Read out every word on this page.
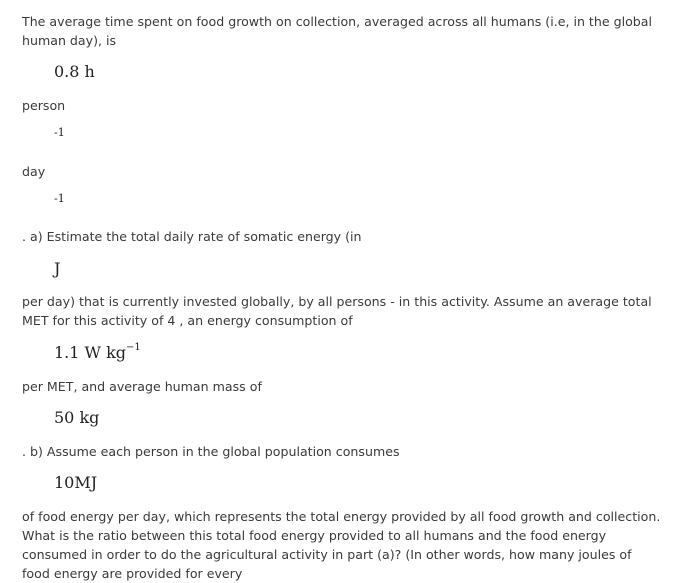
The average time spent on food growth on collection, averaged across all humans (i.e, in the global human day), is

0.8 h

person

-1

day

-1

. a) Estimate the total daily rate of somatic energy (in

J

per day) that is currently invested globally, by all persons - in this activity. Assume an average total MET for this activity of 4 , an energy consumption of

1.1 W $kg^{-1}$

per MET, and average human mass of

50 kg

. b) Assume each person in the global population consumes

10MJ

of food energy per day, which represents the total energy provided by all food growth and collection. What is the ratio between this total food energy provided to all humans and the food energy consumed in order to do the agricultural activity in part (a)? (In other words, how many joules of food energy are provided for every
